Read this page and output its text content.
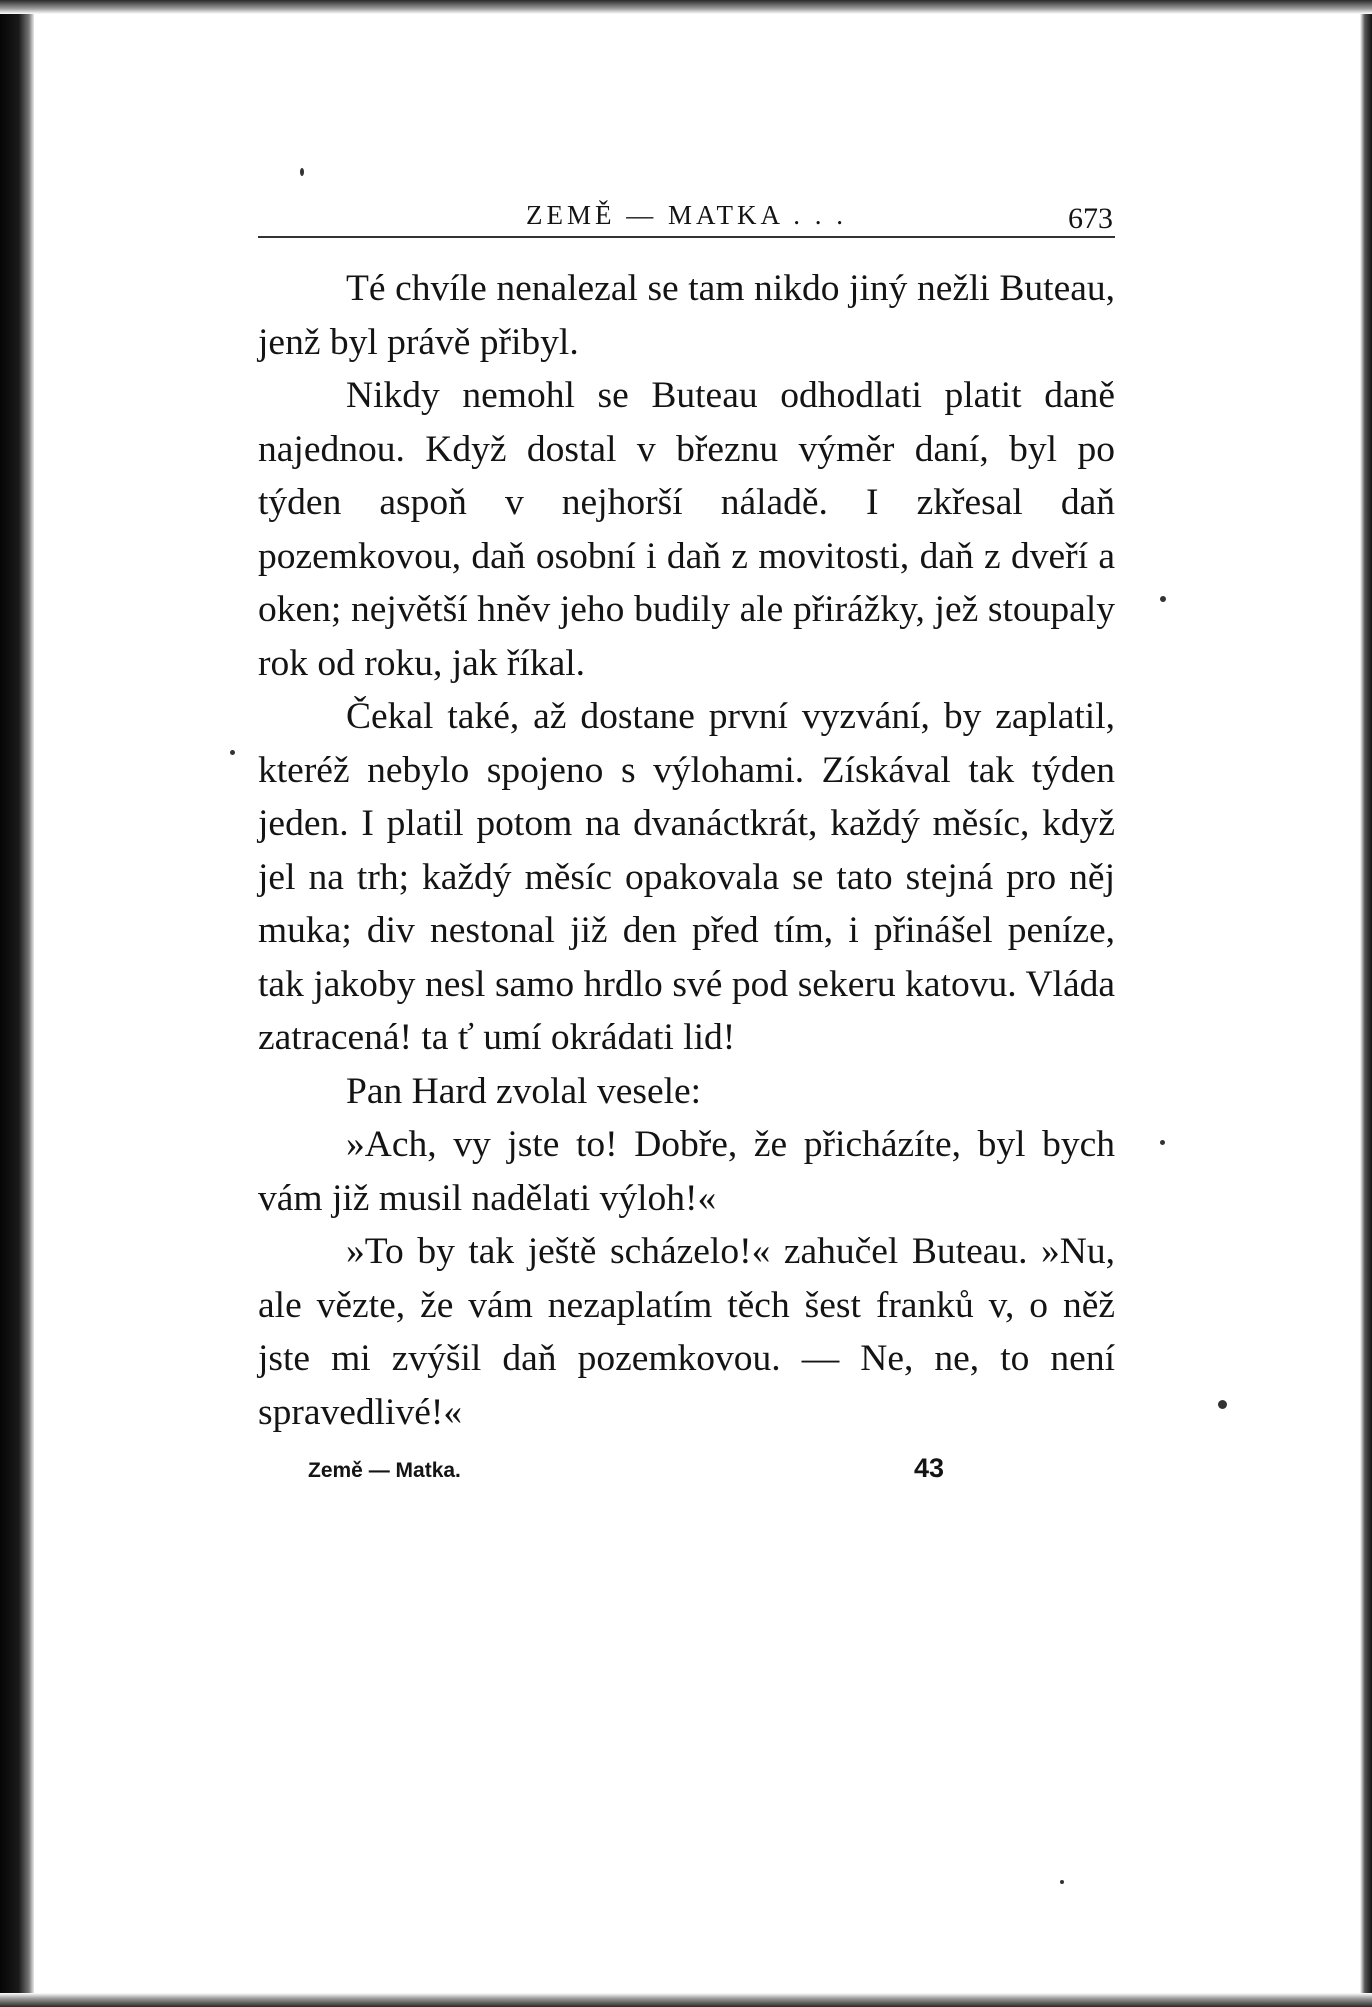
ZEMĚ — MATKA . . .	673

Té chvíle nenalezal se tam nikdo jiný nežli Buteau, jenž byl právě přibyl.

Nikdy nemohl se Buteau odhodlati platit daně najednou. Když dostal v březnu výměr daní, byl po týden aspoň v nejhorší náladě. I zkřesal daň pozemkovou, daň osobní i daň z movitosti, daň z dveří a oken; největší hněv jeho budily ale přirážky, jež stoupaly rok od roku, jak říkal.

Čekal také, až dostane první vyzvání, by zaplatil, kteréž nebylo spojeno s výlohami. Získával tak týden jeden. I platil potom na dvanáctkrát, každý měsíc, když jel na trh; každý měsíc opakovala se tato stejná pro něj muka; div nestonal již den před tím, i přinášel peníze, tak jakoby nesl samo hrdlo své pod sekeru katovu. Vláda zatracená! ta ť umí okrádati lid!

Pan Hard zvolal vesele:

»Ach, vy jste to! Dobře, že přicházíte, byl bych vám již musil nadělati výloh!«

»To by tak ještě scházelo!« zahučel Buteau. »Nu, ale vězte, že vám nezaplatím těch šest franků v, o něž jste mi zvýšil daň pozemkovou. — Ne, ne, to není spravedlivé!«

Země — Matka.	43
